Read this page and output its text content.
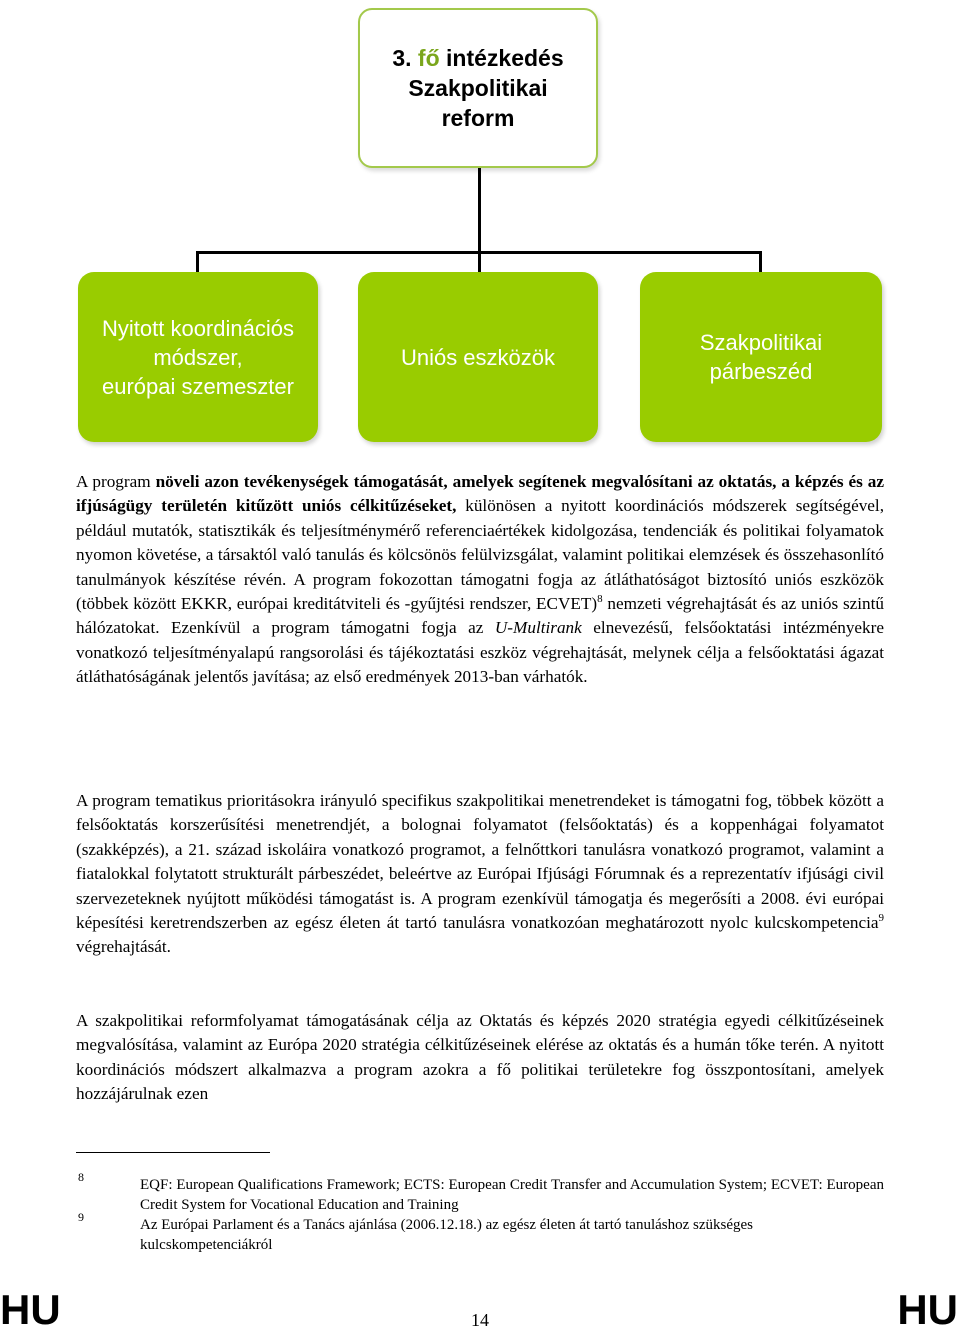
3. fő intézkedés
Szakpolitikai
reform
Nyitott koordinációs
módszer,
európai szemeszter
Uniós eszközök
Szakpolitikai
párbeszéd

A program növeli azon tevékenységek támogatását, amelyek segítenek megvalósítani az oktatás, a képzés és az ifjúságügy területén kitűzött uniós célkitűzéseket, különösen a nyitott koordinációs módszerek segítségével, például mutatók, statisztikák és teljesítménymérő referenciaértékek kidolgozása, tendenciák és politikai folyamatok nyomon követése, a társaktól való tanulás és kölcsönös felülvizsgálat, valamint politikai elemzések és összehasonlító tanulmányok készítése révén. A program fokozottan támogatni fogja az átláthatóságot biztosító uniós eszközök (többek között EKKR, európai kreditátviteli és -gyűjtési rendszer, ECVET)$^8$ nemzeti végrehajtását és az uniós szintű hálózatokat. Ezenkívül a program támogatni fogja az U-Multirank elnevezésű, felsőoktatási intézményekre vonatkozó teljesítményalapú rangsorolási és tájékoztatási eszköz végrehajtását, melynek célja a felsőoktatási ágazat átláthatóságának jelentős javítása; az első eredmények 2013-ban várhatók.

A program tematikus prioritásokra irányuló specifikus szakpolitikai menetrendeket is támogatni fog, többek között a felsőoktatás korszerűsítési menetrendjét, a bolognai folyamatot (felsőoktatás) és a koppenhágai folyamatot (szakképzés), a 21. század iskoláira vonatkozó programot, a felnőttkori tanulásra vonatkozó programot, valamint a fiatalokkal folytatott strukturált párbeszédet, beleértve az Európai Ifjúsági Fórumnak és a reprezentatív ifjúsági civil szervezeteknek nyújtott működési támogatást is. A program ezenkívül támogatja és megerősíti a 2008. évi európai képesítési keretrendszerben az egész életen át tartó tanulásra vonatkozóan meghatározott nyolc kulcskompetencia$^9$ végrehajtását.

A szakpolitikai reformfolyamat támogatásának célja az Oktatás és képzés 2020 stratégia egyedi célkitűzéseinek megvalósítása, valamint az Európa 2020 stratégia célkitűzéseinek elérése az oktatás és a humán tőke terén. A nyitott koordinációs módszert alkalmazva a program azokra a fő politikai területekre fog összpontosítani, amelyek hozzájárulnak ezen

8	EQF: European Qualifications Framework; ECTS: European Credit Transfer and Accumulation System; ECVET: European Credit System for Vocational Education and Training
9	Az Európai Parlament és a Tanács ajánlása (2006.12.18.) az egész életen át tartó tanuláshoz szükséges kulcskompetenciákról
HU	14	HU
